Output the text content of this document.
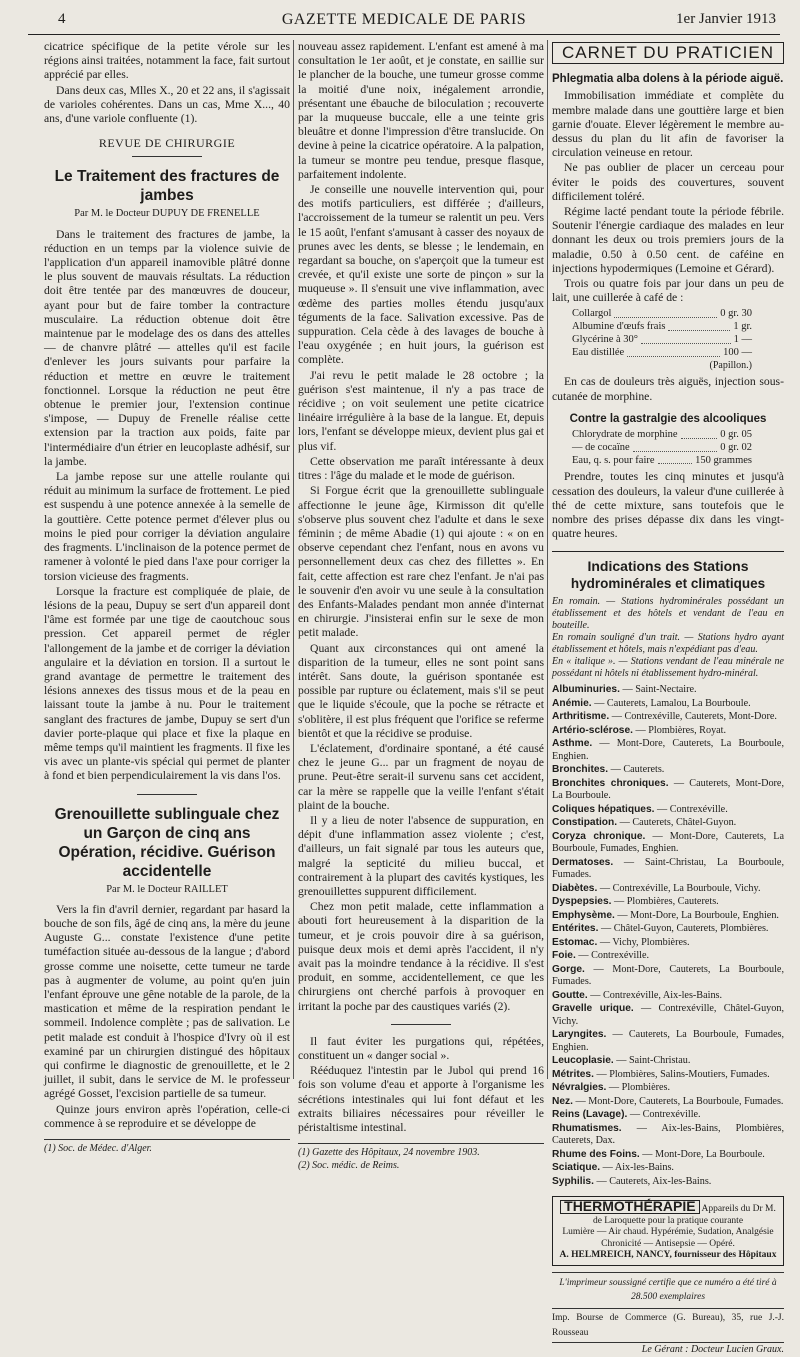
4	GAZETTE MEDICALE DE PARIS	1er Janvier 1913

cicatrice spécifique de la petite vérole sur les régions ainsi traitées, notamment la face, fait surtout apprécié par elles.

Dans deux cas, Mlles X., 20 et 22 ans, il s'agissait de varioles cohérentes. Dans un cas, Mme X..., 40 ans, d'une variole confluente (1).

REVUE DE CHIRURGIE
Le Traitement des fractures de jambes
Par M. le Docteur DUPUY DE FRENELLE

Dans le traitement des fractures de jambe, la réduction en un temps par la violence suivie de l'application d'un appareil inamovible plâtré donne le plus souvent de mauvais résultats. La réduction doit être tentée par des manœuvres de douceur, ayant pour but de faire tomber la contracture musculaire. La réduction obtenue doit être maintenue par le modelage des os dans des attelles — de chanvre plâtré — attelles qu'il est facile d'enlever les jours suivants pour parfaire la réduction et mettre en œuvre le traitement fonctionnel. Lorsque la réduction ne peut être obtenue le premier jour, l'extension continue s'impose, — Dupuy de Frenelle réalise cette extension par la traction aux poids, faite par l'intermédiaire d'un étrier en leucoplaste adhésif, sur la jambe.

La jambe repose sur une attelle roulante qui réduit au minimum la surface de frottement. Le pied est suspendu à une potence annexée à la semelle de la gouttière. Cette potence permet d'élever plus ou moins le pied pour corriger la déviation angulaire des fragments. L'inclinaison de la potence permet de ramener à volonté le pied dans l'axe pour corriger la torsion vicieuse des fragments.

Lorsque la fracture est compliquée de plaie, de lésions de la peau, Dupuy se sert d'un appareil dont l'âme est formée par une tige de caoutchouc sous pression. Cet appareil permet de régler l'allongement de la jambe et de corriger la déviation angulaire et la déviation en torsion. Il a surtout le grand avantage de permettre le traitement des lésions annexes des tissus mous et de la peau en laissant toute la jambe à nu. Pour le traitement sanglant des fractures de jambe, Dupuy se sert d'un davier porte-plaque qui place et fixe la plaque en même temps qu'il maintient les fragments. Il fixe les vis avec un plante-vis spécial qui permet de planter à fond et bien perpendiculairement la vis dans l'os.

Grenouillette sublinguale chez un Garçon de cinq ans Opération, récidive. Guérison accidentelle
Par M. le Docteur RAILLET

Vers la fin d'avril dernier, regardant par hasard la bouche de son fils, âgé de cinq ans, la mère du jeune Auguste G... constate l'existence d'une petite tuméfaction située au-dessous de la langue ; d'abord grosse comme une noisette, cette tumeur ne tarde pas à augmenter de volume, au point qu'en juin l'enfant éprouve une gêne notable de la parole, de la mastication et même de la respiration pendant le sommeil. Indolence complète ; pas de salivation. Le petit malade est conduit à l'hospice d'Ivry où il est examiné par un chirurgien distingué des hôpitaux qui confirme le diagnostic de grenouillette, et le 2 juillet, il subit, dans le service de M. le professeur agrégé Gosset, l'excision partielle de sa tumeur.

Quinze jours environ après l'opération, celle-ci commence à se reproduire et se développe de

(1) Soc. de Médec. d'Alger.

nouveau assez rapidement. L'enfant est amené à ma consultation le 1er août, et je constate, en saillie sur le plancher de la bouche, une tumeur grosse comme la moitié d'une noix, inégalement arrondie, présentant une ébauche de biloculation ; recouverte par la muqueuse buccale, elle a une teinte gris bleuâtre et donne l'impression d'être translucide. On devine à peine la cicatrice opératoire. A la palpation, la tumeur se montre peu tendue, presque flasque, parfaitement indolente.

Je conseille une nouvelle intervention qui, pour des motifs particuliers, est différée ; d'ailleurs, l'accroissement de la tumeur se ralentit un peu. Vers le 15 août, l'enfant s'amusant à casser des noyaux de prunes avec les dents, se blesse ; le lendemain, en regardant sa bouche, on s'aperçoit que la tumeur est crevée, et qu'il existe une sorte de pinçon » sur la muqueuse ». Il s'ensuit une vive inflammation, avec œdème des parties molles étendu jusqu'aux téguments de la face. Salivation excessive. Pas de suppuration. Cela cède à des lavages de bouche à l'eau oxygénée ; en huit jours, la guérison est complète.

J'ai revu le petit malade le 28 octobre ; la guérison s'est maintenue, il n'y a pas trace de récidive ; on voit seulement une petite cicatrice linéaire irrégulière à la base de la langue. Et, depuis lors, l'enfant se développe mieux, devient plus gai et plus vif.

Cette observation me paraît intéressante à deux titres : l'âge du malade et le mode de guérison.

Si Forgue écrit que la grenouillette sublinguale affectionne le jeune âge, Kirmisson dit qu'elle s'observe plus souvent chez l'adulte et dans le sexe féminin ; de même Abadie (1) qui ajoute : « on en observe cependant chez l'enfant, nous en avons vu personnellement deux cas chez des fillettes ». En fait, cette affection est rare chez l'enfant. Je n'ai pas le souvenir d'en avoir vu une seule à la consultation des Enfants-Malades pendant mon année d'internat en chirurgie. J'insisterai enfin sur le sexe de mon petit malade.

Quant aux circonstances qui ont amené la disparition de la tumeur, elles ne sont point sans intérêt. Sans doute, la guérison spontanée est possible par rupture ou éclatement, mais s'il se peut que le liquide s'écoule, que la poche se rétracte et s'oblitère, il est plus fréquent que l'orifice se referme bientôt et que la récidive se produise.

L'éclatement, d'ordinaire spontané, a été causé chez le jeune G... par un fragment de noyau de prune. Peut-être serait-il survenu sans cet accident, car la mère se rappelle que la veille l'enfant s'était plaint de la bouche.

Il y a lieu de noter l'absence de suppuration, en dépit d'une inflammation assez violente ; c'est, d'ailleurs, un fait signalé par tous les auteurs que, malgré la septicité du milieu buccal, et contrairement à la plupart des cavités kystiques, les grenouillettes suppurent difficilement.

Chez mon petit malade, cette inflammation a abouti fort heureusement à la disparition de la tumeur, et je crois pouvoir dire à sa guérison, puisque deux mois et demi après l'accident, il n'y avait pas la moindre tendance à la récidive. Il s'est produit, en somme, accidentellement, ce que les chirurgiens ont cherché parfois à provoquer en irritant la poche par des caustiques variés (2).

Il faut éviter les purgations qui, répétées, constituent un « danger social ».

Rééduquez l'intestin par le Jubol qui prend 16 fois son volume d'eau et apporte à l'organisme les sécrétions intestinales qui lui font défaut et les extraits biliaires nécessaires pour réveiller le péristaltisme intestinal.

(1) Gazette des Hôpitaux, 24 novembre 1903.
(2) Soc. médic. de Reims.
CARNET DU PRATICIEN
Phlegmatia alba dolens à la période aiguë.

Immobilisation immédiate et complète du membre malade dans une gouttière large et bien garnie d'ouate. Elever légèrement le membre au-dessus du plan du lit afin de favoriser la circulation veineuse en retour.

Ne pas oublier de placer un cerceau pour éviter le poids des couvertures, souvent difficilement toléré.

Régime lacté pendant toute la période fébrile. Soutenir l'énergie cardiaque des malades en leur donnant les deux ou trois premiers jours de la maladie, 0.50 à 0.50 cent. de caféine en injections hypodermiques (Lemoine et Gérard).

Trois ou quatre fois par jour dans un peu de lait, une cuillerée à café de :

Collargol	0 gr. 30
Albumine d'œufs frais	1 gr.
Glycérine à 30°	1 —
Eau distillée	100 —
(Papillon.)

En cas de douleurs très aiguës, injection sous-cutanée de morphine.

Contre la gastralgie des alcooliques
Chlorydrate de morphine	0 gr. 05
— de cocaïne	0 gr. 02
Eau, q. s. pour faire	150 grammes

Prendre, toutes les cinq minutes et jusqu'à cessation des douleurs, la valeur d'une cuillerée à thé de cette mixture, sans toutefois que le nombre des prises dépasse dix dans les vingt-quatre heures.

Indications des Stations
hydrominérales et climatiques
En romain. — Stations hydrominérales possédant un établissement et des hôtels et vendant de l'eau en bouteille.
En romain souligné d'un trait. — Stations hydro ayant établissement et hôtels, mais n'expédiant pas d'eau.
En « italique ». — Stations vendant de l'eau minérale ne possédant ni hôtels ni établissement hydro-minéral.

Albuminuries. — Saint-Nectaire.

Anémie. — Cauterets, Lamalou, La Bourboule.

Arthritisme. — Contrexéville, Cauterets, Mont-Dore.

Artério-sclérose. — Plombières, Royat.

Asthme. — Mont-Dore, Cauterets, La Bourboule, Enghien.

Bronchites. — Cauterets.

Bronchites chroniques. — Cauterets, Mont-Dore, La Bourboule.

Coliques hépatiques. — Contrexéville.

Constipation. — Cauterets, Châtel-Guyon.

Coryza chronique. — Mont-Dore, Cauterets, La Bourboule, Fumades, Enghien.

Dermatoses. — Saint-Christau, La Bourboule, Fumades.

Diabètes. — Contrexéville, La Bourboule, Vichy.

Dyspepsies. — Plombières, Cauterets.

Emphysème. — Mont-Dore, La Bourboule, Enghien.

Entérites. — Châtel-Guyon, Cauterets, Plombières.

Estomac. — Vichy, Plombières.

Foie. — Contrexéville.

Gorge. — Mont-Dore, Cauterets, La Bourboule, Fumades.

Goutte. — Contrexéville, Aix-les-Bains.

Gravelle urique. — Contrexéville, Châtel-Guyon, Vichy.

Laryngites. — Cauterets, La Bourboule, Fumades, Enghien.

Leucoplasie. — Saint-Christau.

Métrites. — Plombières, Salins-Moutiers, Fumades.

Névralgies. — Plombières.

Nez. — Mont-Dore, Cauterets, La Bourboule, Fumades.

Reins (Lavage). — Contrexéville.

Rhumatismes. — Aix-les-Bains, Plombières, Cauterets, Dax.

Rhume des Foins. — Mont-Dore, La Bourboule.

Sciatique. — Aix-les-Bains.

Syphilis. — Cauterets, Aix-les-Bains.

THERMOTHÉRAPIE Appareils du Dr M. de Laroquette pour la pratique courante
Lumière — Air chaud. Hypérémie, Sudation, Analgésie
Chronicité — Antisepsie — Opéré.
A. HELMREICH, NANCY, fournisseur des Hôpitaux
L'imprimeur soussigné certifie que ce numéro a été tiré à 28.500 exemplaires
Imp. Bourse de Commerce (G. Bureau), 35, rue J.-J. Rousseau
Le Gérant : Docteur Lucien Graux.
